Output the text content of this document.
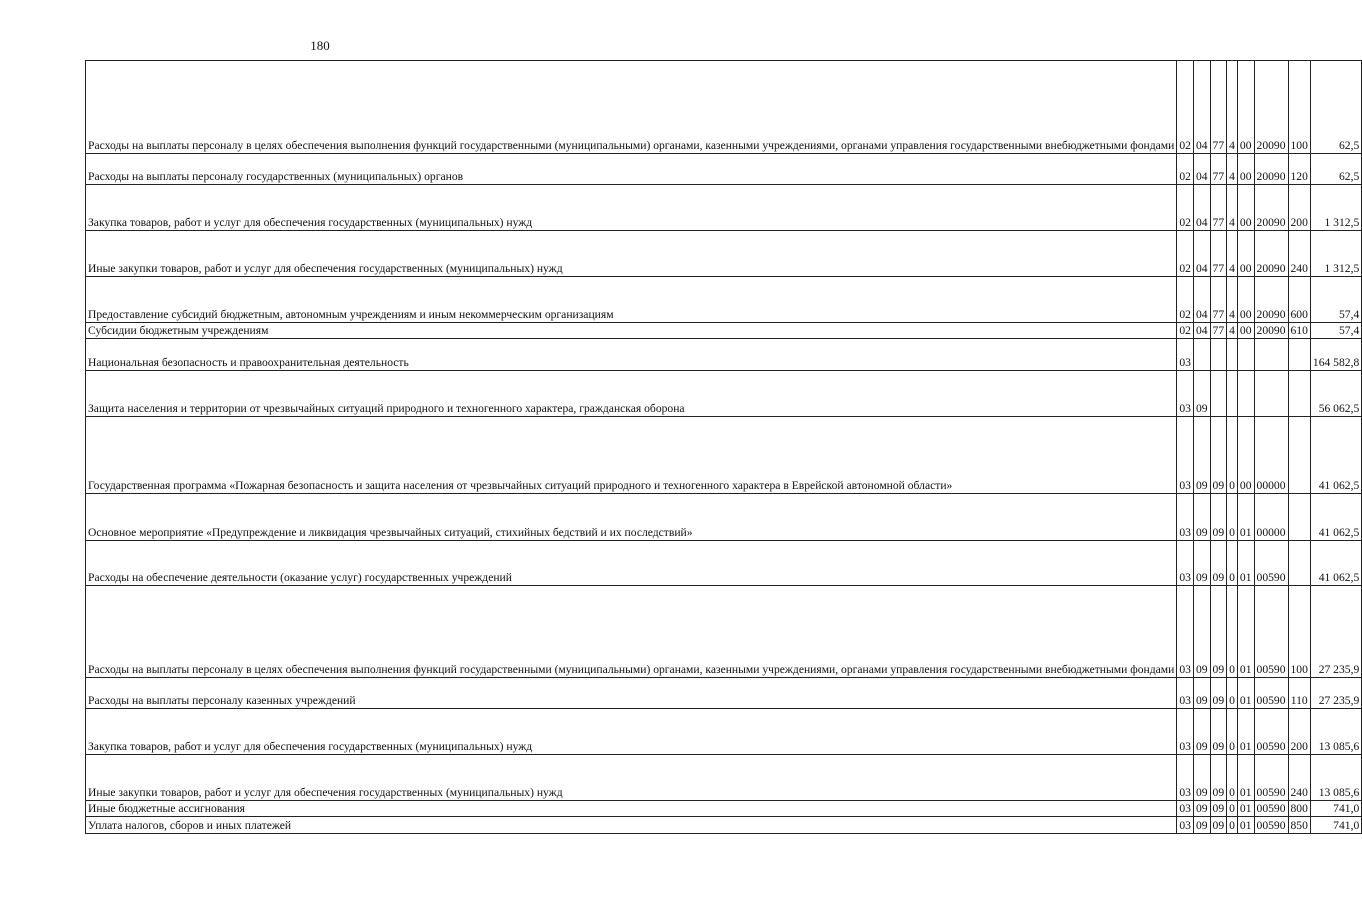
180
Расходы на выплаты персоналу в целях обеспечения выполнения функций государственными (муниципальными) органами, казенными учреждениями, органами управления государственными внебюджетными фондами	02	04	77	4	00	20090	100	62,5
Расходы на выплаты персоналу государственных (муниципальных) органов	02	04	77	4	00	20090	120	62,5
Закупка товаров, работ и услуг для обеспечения государственных (муниципальных) нужд	02	04	77	4	00	20090	200	1 312,5
Иные закупки товаров, работ и услуг для обеспечения государственных (муниципальных) нужд	02	04	77	4	00	20090	240	1 312,5
Предоставление субсидий бюджетным, автономным учреждениям и иным некоммерческим организациям	02	04	77	4	00	20090	600	57,4
Субсидии бюджетным учреждениям	02	04	77	4	00	20090	610	57,4
Национальная безопасность и правоохранительная деятельность	03							164 582,8
Защита населения и территории от чрезвычайных ситуаций природного и техногенного характера, гражданская оборона	03	09						56 062,5
Государственная программа «Пожарная безопасность и защита населения от чрезвычайных ситуаций природного и техногенного характера в Еврейской автономной области»	03	09	09	0	00	00000		41 062,5
Основное мероприятие «Предупреждение и ликвидация чрезвычайных ситуаций, стихийных бедствий и их последствий»	03	09	09	0	01	00000		41 062,5
Расходы на обеспечение деятельности (оказание услуг) государственных учреждений	03	09	09	0	01	00590		41 062,5
Расходы на выплаты персоналу в целях обеспечения выполнения функций государственными (муниципальными) органами, казенными учреждениями, органами управления государственными внебюджетными фондами	03	09	09	0	01	00590	100	27 235,9
Расходы на выплаты персоналу казенных учреждений	03	09	09	0	01	00590	110	27 235,9
Закупка товаров, работ и услуг для обеспечения государственных (муниципальных) нужд	03	09	09	0	01	00590	200	13 085,6
Иные закупки товаров, работ и услуг для обеспечения государственных (муниципальных) нужд	03	09	09	0	01	00590	240	13 085,6
Иные бюджетные ассигнования	03	09	09	0	01	00590	800	741,0
Уплата налогов, сборов и иных платежей	03	09	09	0	01	00590	850	741,0
